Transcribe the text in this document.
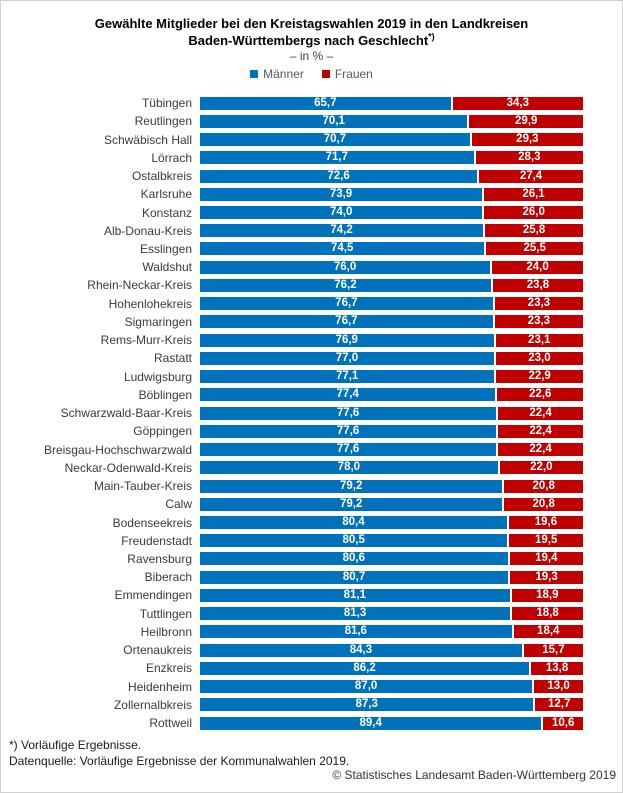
Gewählte Mitglieder bei den Kreistagswahlen 2019 in den Landkreisen
Baden-Württembergs nach Geschlecht*)
– in % –
Männer	Frauen
Tübingen	65,7	34,3
Reutlingen	70,1	29,9
Schwäbisch Hall	70,7	29,3
Lörrach	71,7	28,3
Ostalbkreis	72,6	27,4
Karlsruhe	73,9	26,1
Konstanz	74,0	26,0
Alb-Donau-Kreis	74,2	25,8
Esslingen	74,5	25,5
Waldshut	76,0	24,0
Rhein-Neckar-Kreis	76,2	23,8
Hohenlohekreis	76,7	23,3
Sigmaringen	76,7	23,3
Rems-Murr-Kreis	76,9	23,1
Rastatt	77,0	23,0
Ludwigsburg	77,1	22,9
Böblingen	77,4	22,6
Schwarzwald-Baar-Kreis	77,6	22,4
Göppingen	77,6	22,4
Breisgau-Hochschwarzwald	77,6	22,4
Neckar-Odenwald-Kreis	78,0	22,0
Main-Tauber-Kreis	79,2	20,8
Calw	79,2	20,8
Bodenseekreis	80,4	19,6
Freudenstadt	80,5	19,5
Ravensburg	80,6	19,4
Biberach	80,7	19,3
Emmendingen	81,1	18,9
Tuttlingen	81,3	18,8
Heilbronn	81,6	18,4
Ortenaukreis	84,3	15,7
Enzkreis	86,2	13,8
Heidenheim	87,0	13,0
Zollernalbkreis	87,3	12,7
Rottweil	89,4	10,6
*) Vorläufige Ergebnisse.
Datenquelle: Vorläufige Ergebnisse der Kommunalwahlen 2019.
© Statistisches Landesamt Baden-Württemberg 2019
